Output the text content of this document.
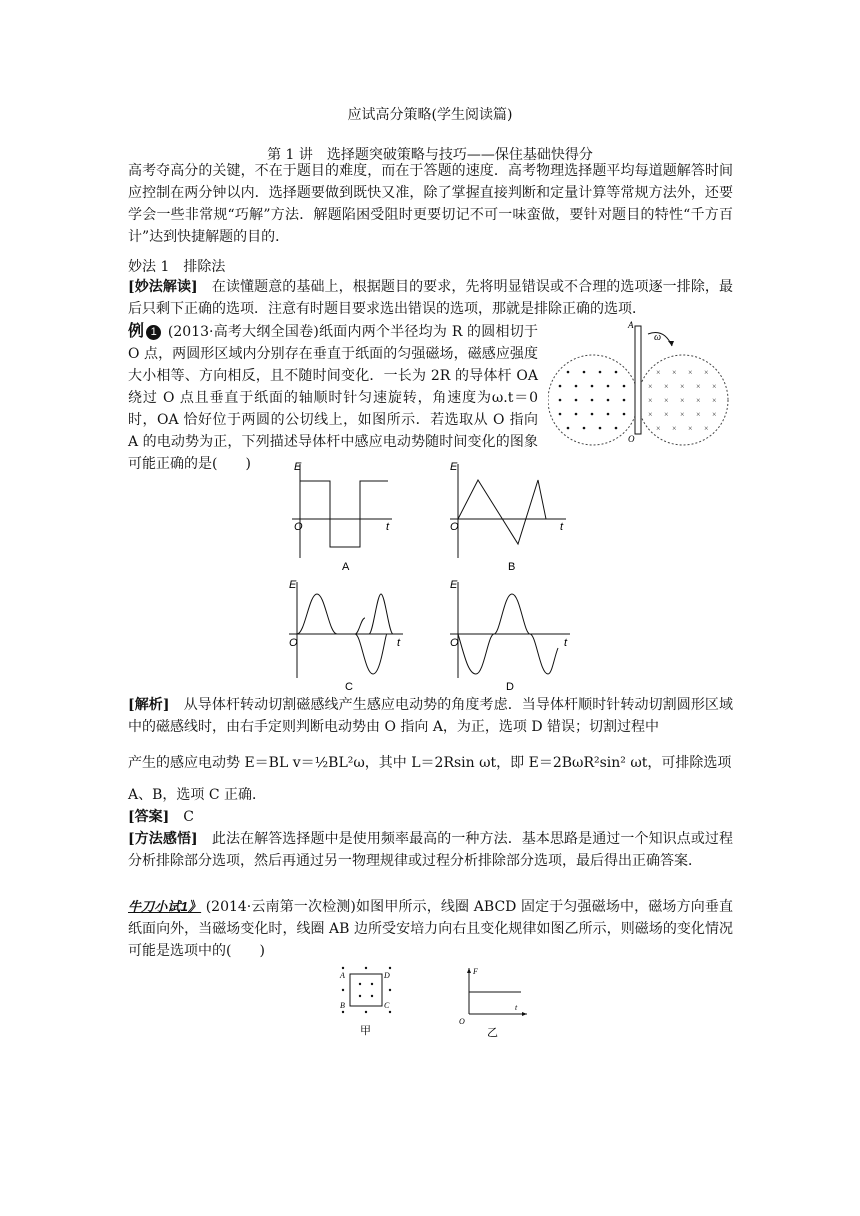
应试高分策略(学生阅读篇)
第 1 讲　选择题突破策略与技巧——保住基础快得分
高考夺高分的关键，不在于题目的难度，而在于答题的速度．高考物理选择题平均每道题解答时间应控制在两分钟以内．选择题要做到既快又准，除了掌握直接判断和定量计算等常规方法外，还要学会一些非常规“巧解”方法．解题陷困受阻时更要切记不可一味蛮做，要针对题目的特性“千方百计”达到快捷解题的目的．
妙法 1　排除法
[妙法解读]　在读懂题意的基础上，根据题目的要求，先将明显错误或不合理的选项逐一排除，最后只剩下正确的选项．注意有时题目要求选出错误的选项，那就是排除正确的选项．
例 1 (2013·高考大纲全国卷)纸面内两个半径均为 R 的圆相切于 O 点，两圆形区域内分别存在垂直于纸面的匀强磁场，磁感应强度大小相等、方向相反，且不随时间变化．一长为 2R 的导体杆 OA 绕过 O 点且垂直于纸面的轴顺时针匀速旋转，角速度为ω.t＝0 时，OA 恰好位于两圆的公切线上，如图所示．若选取从 O 指向 A 的电动势为正，下列描述导体杆中感应电动势随时间变化的图象可能正确的是(　　)
× × × ×
× × × × ×
× × × × ×
× × × × ×
× × × ×
A
O
ω
E
O	t
A
E
O	t
B
E
O	t
C
E
O	t
D
[解析]　从导体杆转动切割磁感线产生感应电动势的角度考虑．当导体杆顺时针转动切割圆形区域中的磁感线时，由右手定则判断电动势由 O 指向 A，为正，选项 D 错误；切割过程中
产生的感应电动势 E＝BL v＝½BL²ω，其中 L＝2Rsin ωt，即 E＝2BωR²sin² ωt，可排除选项
A、B，选项 C 正确．
[答案]　C
[方法感悟]　此法在解答选择题中是使用频率最高的一种方法．基本思路是通过一个知识点或过程分析排除部分选项，然后再通过另一物理规律或过程分析排除部分选项，最后得出正确答案．
牛刀小试1》 (2014·云南第一次检测)如图甲所示，线圈 ABCD 固定于匀强磁场中，磁场方向垂直纸面向外，当磁场变化时，线圈 AB 边所受安培力向右且变化规律如图乙所示，则磁场的变化情况可能是选项中的(　　)
A	D
B	C
甲
F
O
t
乙
